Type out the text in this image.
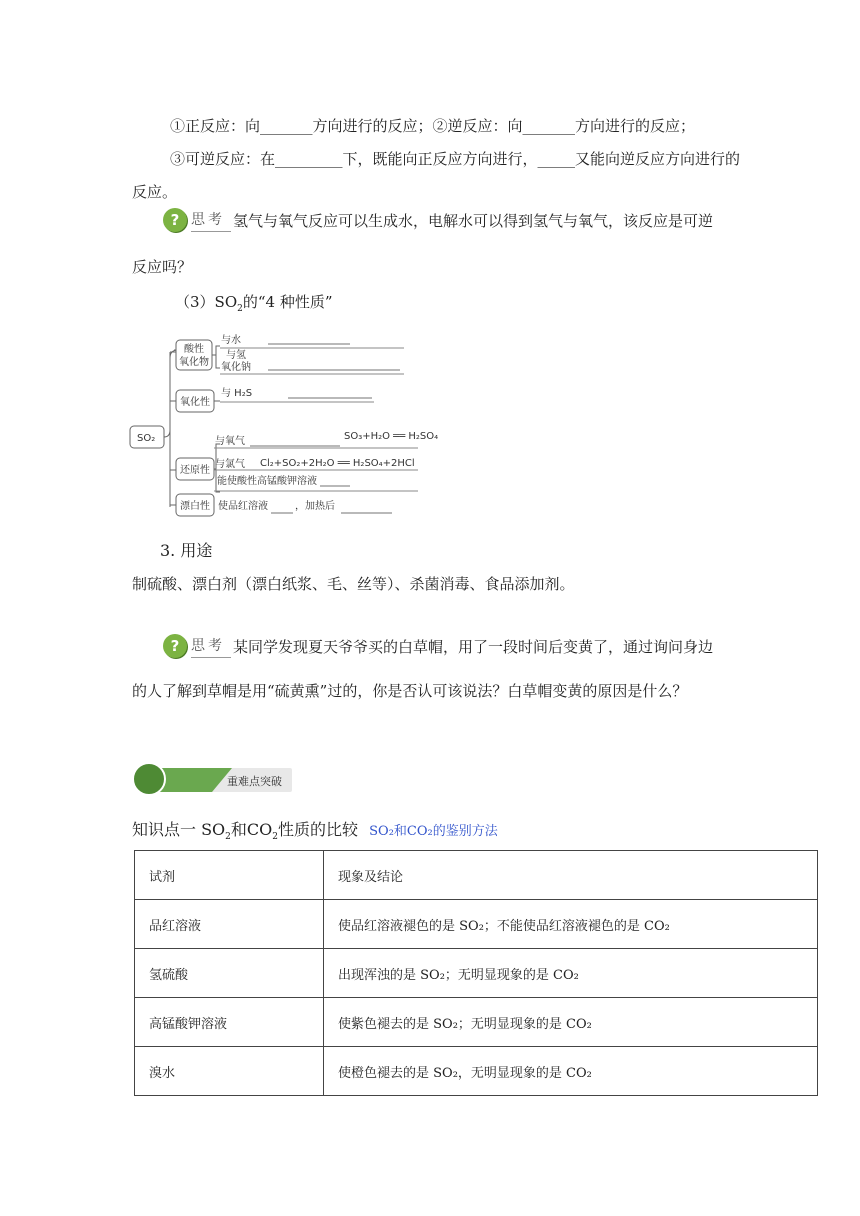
①正反应：向_______方向进行的反应；②逆反应：向_______方向进行的反应；
③可逆反应：在_________下，既能向正反应方向进行，_____又能向逆反应方向进行的
反应。
? 思考 氢气与氧气反应可以生成水，电解水可以得到氢气与氧气，该反应是可逆
反应吗？
$(3)SO_2$的“4 种性质”
SO₂
酸性
氧化物
与水
与氢
氧化钠
氧化性
与 H₂S
还原性
与氧气	SO₃+H₂O ══ H₂SO₄
与氯气 Cl₂+SO₂+2H₂O ══ H₂SO₄+2HCl
能使酸性高锰酸钾溶液
漂白性 使品红溶液	，加热后
3. 用途
制硫酸、漂白剂（漂白纸浆、毛、丝等）、杀菌消毒、食品添加剂。
? 思考 某同学发现夏天爷爷买的白草帽，用了一段时间后变黄了，通过询问身边
的人了解到草帽是用“硫黄熏”过的，你是否认可该说法？白草帽变黄的原因是什么？
重难点突破
知识点一 $SO_2$和$CO_2$性质的比较 SO₂和CO₂的鉴别方法
试剂	现象及结论
品红溶液	使品红溶液褪色的是 SO₂；不能使品红溶液褪色的是 CO₂
氢硫酸	出现浑浊的是 SO₂；无明显现象的是 CO₂
高锰酸钾溶液	使紫色褪去的是 SO₂；无明显现象的是 CO₂
溴水	使橙色褪去的是 SO₂，无明显现象的是 CO₂
